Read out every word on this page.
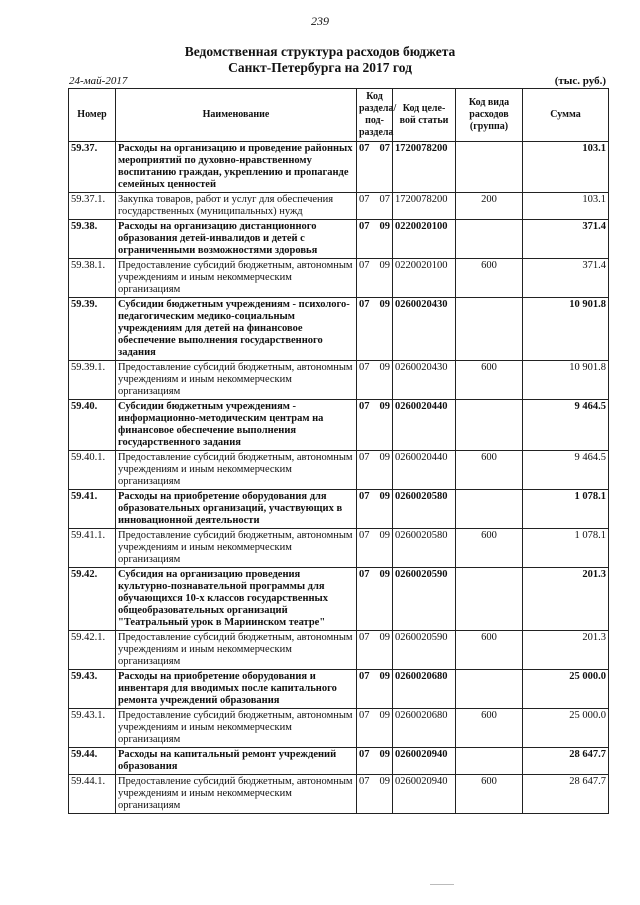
239
Ведомственная структура расходов бюджета
Санкт-Петербурга на 2017 год
24-май-2017	(тыс. руб.)
Номер	Наименование	Код раздела/ под- раздела		Код целе- вой статьи	Код вида расходов (группа)	Сумма
59.37.	Расходы на организацию и проведение районных мероприятий по духовно-нравственному воспитанию граждан, укреплению и пропаганде семейных ценностей	07	07	1720078200		103.1
59.37.1.	Закупка товаров, работ и услуг для обеспечения государственных (муниципальных) нужд	07	07	1720078200	200	103.1
59.38.	Расходы на организацию дистанционного образования детей-инвалидов и детей с ограниченными возможностями здоровья	07	09	0220020100		371.4
59.38.1.	Предоставление субсидий бюджетным, автономным учреждениям и иным некоммерческим организациям	07	09	0220020100	600	371.4
59.39.	Субсидии бюджетным учреждениям - психолого-педагогическим медико-социальным учреждениям для детей на финансовое обеспечение выполнения государственного задания	07	09	0260020430		10 901.8
59.39.1.	Предоставление субсидий бюджетным, автономным учреждениям и иным некоммерческим организациям	07	09	0260020430	600	10 901.8
59.40.	Субсидии бюджетным учреждениям - информационно-методическим центрам на финансовое обеспечение выполнения государственного задания	07	09	0260020440		9 464.5
59.40.1.	Предоставление субсидий бюджетным, автономным учреждениям и иным некоммерческим организациям	07	09	0260020440	600	9 464.5
59.41.	Расходы на приобретение оборудования для образовательных организаций, участвующих в инновационной деятельности	07	09	0260020580		1 078.1
59.41.1.	Предоставление субсидий бюджетным, автономным учреждениям и иным некоммерческим организациям	07	09	0260020580	600	1 078.1
59.42.	Субсидия на организацию проведения культурно-познавательной программы для обучающихся 10-х классов государственных общеобразовательных организаций "Театральный урок в Мариинском театре"	07	09	0260020590		201.3
59.42.1.	Предоставление субсидий бюджетным, автономным учреждениям и иным некоммерческим организациям	07	09	0260020590	600	201.3
59.43.	Расходы на приобретение оборудования и инвентаря для вводимых после капитального ремонта учреждений образования	07	09	0260020680		25 000.0
59.43.1.	Предоставление субсидий бюджетным, автономным учреждениям и иным некоммерческим организациям	07	09	0260020680	600	25 000.0
59.44.	Расходы на капитальный ремонт учреждений образования	07	09	0260020940		28 647.7
59.44.1.	Предоставление субсидий бюджетным, автономным учреждениям и иным некоммерческим организациям	07	09	0260020940	600	28 647.7
